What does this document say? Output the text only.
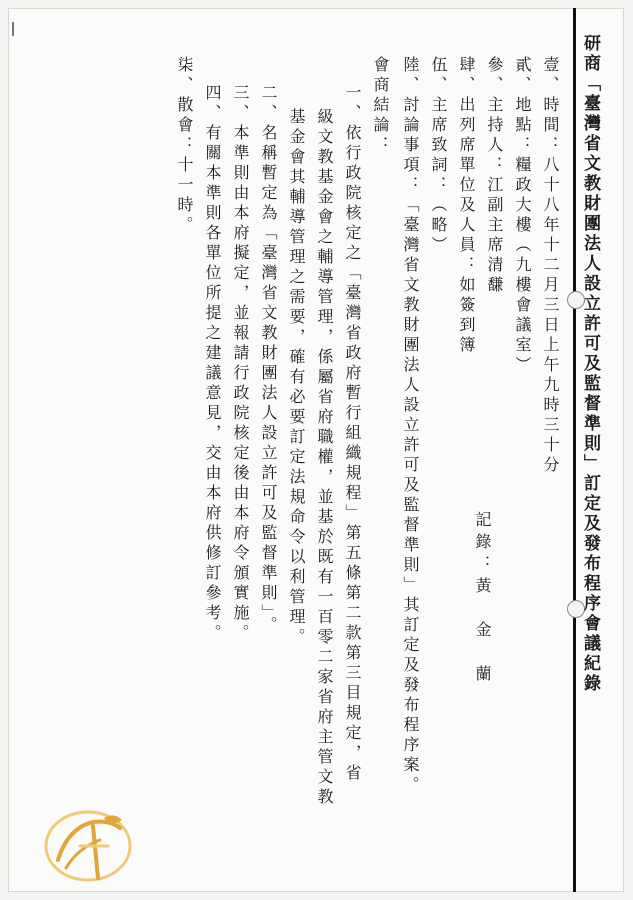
研商「臺灣省文教財團法人設立許可及監督準則」訂定及發布程序會議紀錄
壹、時間：八十八年十二月三日上午九時三十分
貳、地點：糧政大樓（九樓會議室）
參、主持人：江副主席清馦
肆、出列席單位及人員：如簽到簿
伍、主席致詞：（略）
陸、討論事項：「臺灣省文教財團法人設立許可及監督準則」其訂定及發布程序案。	記錄：黃　金　蘭
會商結論：
一、依行政院核定之「臺灣省政府暫行組織規程」第五條第二款第三目規定，省
級文教基金會之輔導管理，係屬省府職權，並基於既有一百零二家省府主管文教
基金會其輔導管理之需要，確有必要訂定法規命令以利管理。
二、名稱暫定為「臺灣省文教財團法人設立許可及監督準則」。
三、本準則由本府擬定，並報請行政院核定後由本府令頒實施。
四、有關本準則各單位所提之建議意見，交由本府供修訂參考。
柒、散會：十一時。
